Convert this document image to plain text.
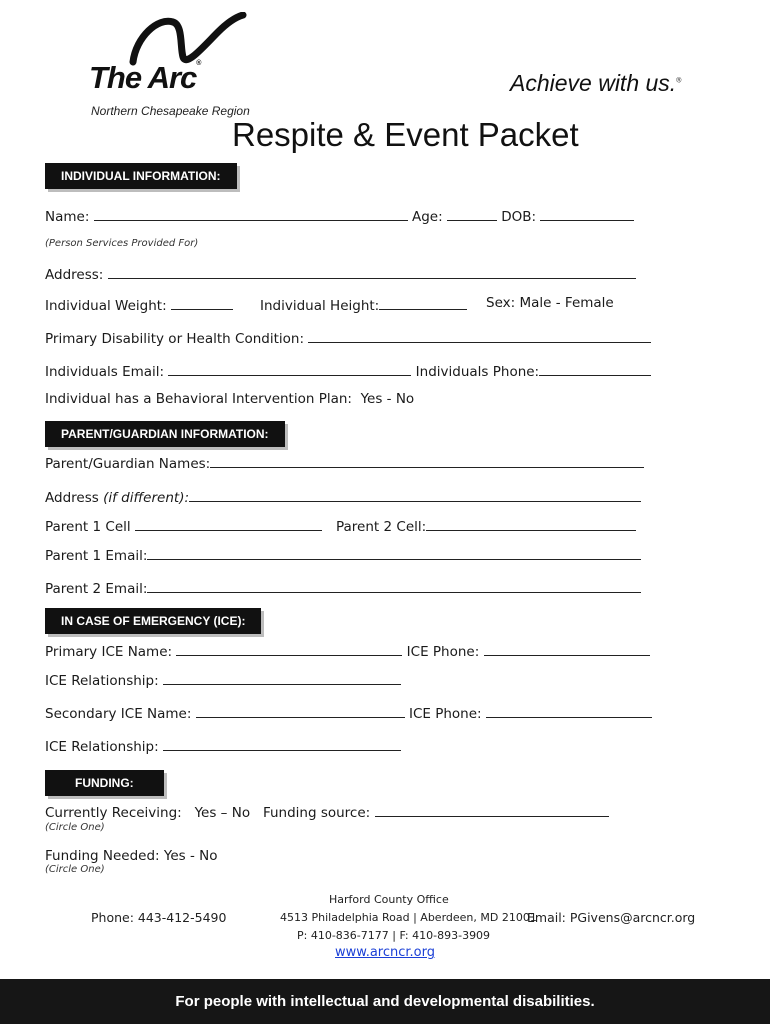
The Arc®
Northern Chesapeake Region
Achieve with us.®
Respite & Event Packet
INDIVIDUAL INFORMATION:
Name:	Age:	DOB:
(Person Services Provided For)
Address:
Individual Weight:	Individual Height:	Sex: Male - Female
Primary Disability or Health Condition:
Individuals Email:	Individuals Phone:
Individual has a Behavioral Intervention Plan: Yes - No
PARENT/GUARDIAN INFORMATION:
Parent/Guardian Names:
Address (if different):
Parent 1 Cell	Parent 2 Cell:
Parent 1 Email:
Parent 2 Email:
IN CASE OF EMERGENCY (ICE):
Primary ICE Name:	ICE Phone:
ICE Relationship:
Secondary ICE Name:	ICE Phone:
ICE Relationship:
FUNDING:
Currently Receiving: Yes – No Funding source:
(Circle One)
Funding Needed: Yes - No
(Circle One)
Harford County Office
Phone: 443-412-5490	4513 Philadelphia Road | Aberdeen, MD 21001
Email: PGivens@arcncr.org
P: 410-836-7177 | F: 410-893-3909
www.arcncr.org
For people with intellectual and developmental disabilities.
